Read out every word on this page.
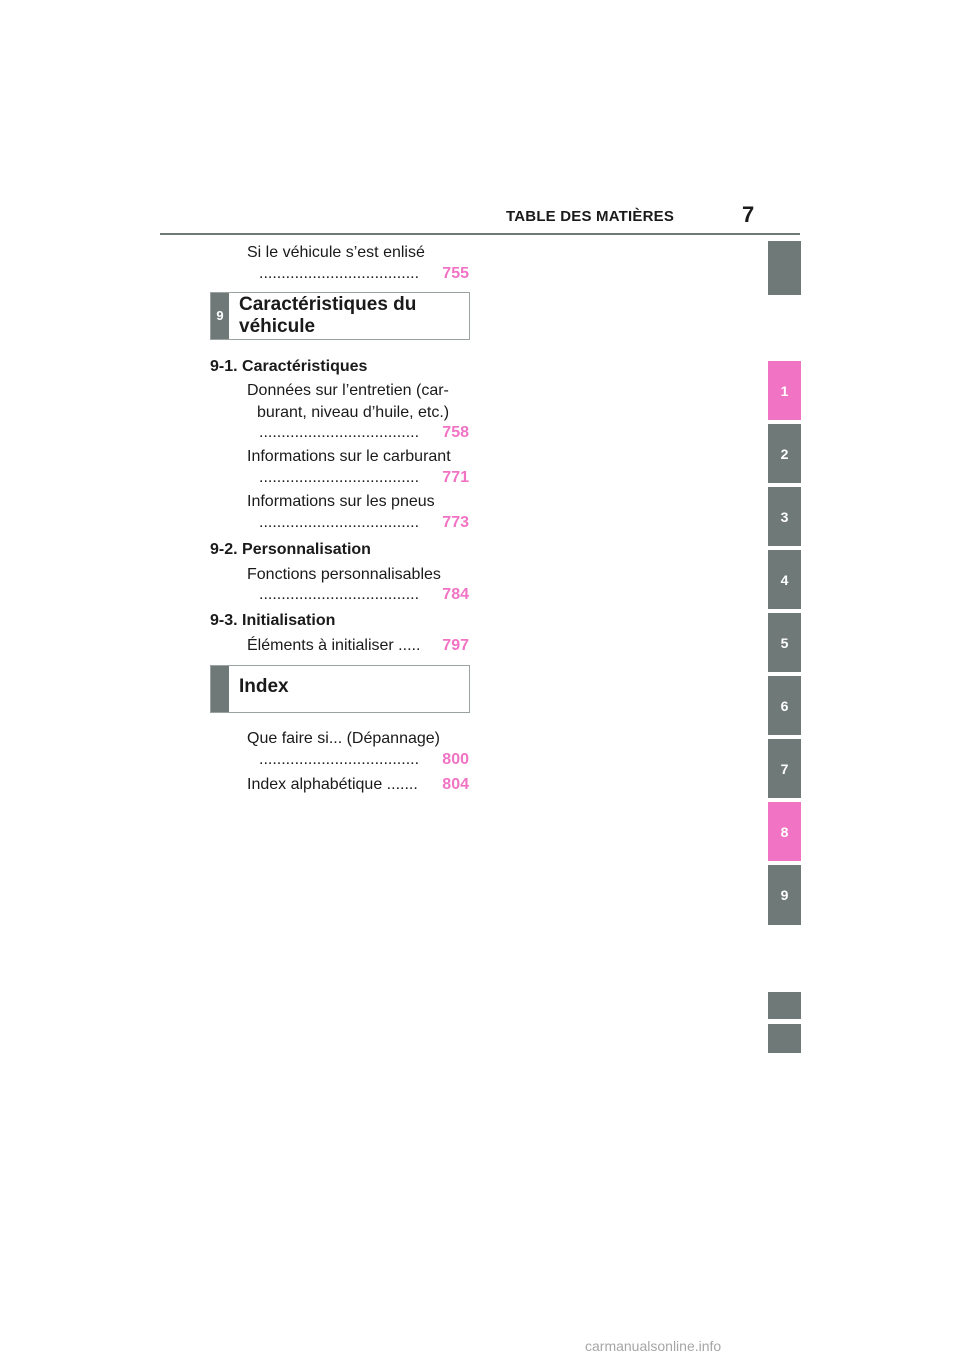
TABLE DES MATIÈRES	7
1
2
3
4
5
6
7
8
9
Si le véhicule s’est enlisé
....................................	755
9
Caractéristiques du
véhicule
9-1. Caractéristiques
Données sur l’entretien (car-
burant, niveau d’huile, etc.)
....................................	758
Informations sur le carburant
....................................	771
Informations sur les pneus
....................................	773
9-2. Personnalisation
Fonctions personnalisables
....................................	784
9-3. Initialisation
Éléments à initialiser ..... 797
Index
Que faire si... (Dépannage)
....................................	800
Index alphabétique ....... 804
carmanualsonline.info
